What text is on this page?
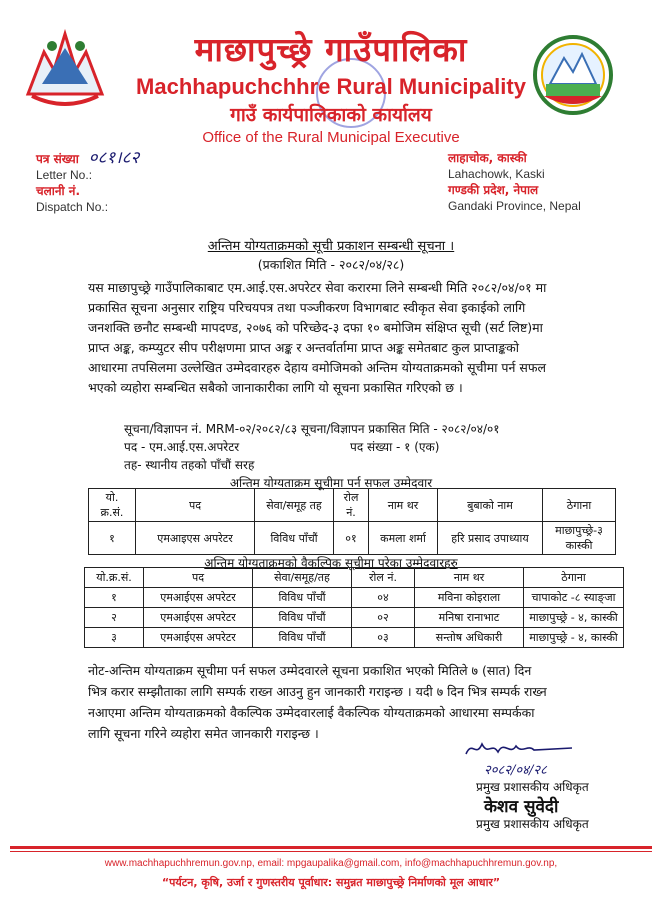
माछापुच्छ्रे गाउँपालिका
Machhapuchchhre Rural Municipality
गाउँ कार्यपालिकाको कार्यालय
Office of the Rural Municipal Executive
पत्र संख्या ०८१।८२
Letter No.:
चलानी नं.
Dispatch No.:
लाहाचोक, कास्की
Lahachowk, Kaski
गण्डकी प्रदेश, नेपाल
Gandaki Province, Nepal
अन्तिम योग्यताक्रमको सूची प्रकाशन सम्बन्धी सूचना ।
(प्रकाशित मिति - २०८२/०४/२८)
यस माछापुच्छ्रे गाउँपालिकाबाट एम.आई.एस.अपरेटर सेवा करारमा लिने सम्बन्धी मिति २०८२/०४/०१ मा
प्रकासित सूचना अनुसार राष्ट्रिय परिचयपत्र तथा पञ्जीकरण विभागबाट स्वीकृत सेवा इकाईको लागि
जनशक्ति छनौट सम्बन्धी मापदण्ड, २०७६ को परिच्छेद-३ दफा १० बमोजिम संक्षिप्त सूची (सर्ट लिष्ट)मा
प्राप्त अङ्क, कम्प्युटर सीप परीक्षणमा प्राप्त अङ्क र अन्तर्वार्तामा प्राप्त अङ्क समेतबाट कुल प्राप्ताङ्कको
आधारमा तपसिलमा उल्लेखित उम्मेदवारहरु देहाय वमोजिमको अन्तिम योग्यताक्रमको सूचीमा पर्न सफल
भएको व्यहोरा सम्बन्धित सबैको जानाकारीका लागि यो सूचना प्रकासित गरिएको छ ।
सूचना/विज्ञापन नं. MRM-०२/२०८२/८३ सूचना/विज्ञापन प्रकासित मिति - २०८२/०४/०१
पद - एम.आई.एस.अपरेटर	पद संख्या - १ (एक)
तह- स्थानीय तहको पाँचौं सरह
अन्तिम योग्यताक्रम सूचीमा पर्न सफल उम्मेदवार
यो. क्र.सं.	पद	सेवा/समूह तह	रोल नं.	नाम थर	बुबाको नाम	ठेगाना
१	एमआइएस अपरेटर	विविध पाँचौं	०१	कमला शर्मा	हरि प्रसाद उपाध्याय	माछापुच्छ्रे-३ कास्की
अन्तिम योग्यताक्रमको वैकल्पिक सूचीमा परेका उम्मेदवारहरु
यो.क्र.सं.	पद	सेवा/समूह/तह	रोल नं.	नाम थर	ठेगाना
१	एमआईएस अपरेटर	विविध पाँचौं	०४	मविना कोइराला	चापाकोट -८ स्याङ्जा
२	एमआईएस अपरेटर	विविध पाँचौं	०२	मनिषा रानाभाट	माछापुच्छ्रे - ४, कास्की
३	एमआईएस अपरेटर	विविध पाँचौं	०३	सन्तोष अधिकारी	माछापुच्छ्रे - ४, कास्की
नोट-अन्तिम योग्यताक्रम सूचीमा पर्न सफल उम्मेदवारले सूचना प्रकाशित भएको मितिले ७ (सात) दिन
भित्र करार सम्झौताका लागि सम्पर्क राख्न आउनु हुन जानकारी गराइन्छ । यदी ७ दिन भित्र सम्पर्क राख्न
नआएमा अन्तिम योग्यताक्रमको वैकल्पिक उम्मेदवारलाई वैकल्पिक योग्यताक्रमको आधारमा सम्पर्कका
लागि सूचना गरिने व्यहोरा समेत जानकारी गराइन्छ ।
२०८२/०४/२८
प्रमुख प्रशासकीय अधिकृत
केशव सुवेदी
प्रमुख प्रशासकीय अधिकृत
www.machhapuchhremun.gov.np, email: mpgaupalika@gmail.com, info@machhapuchhremun.gov.np,
“पर्यटन, कृषि, उर्जा र गुणस्तरीय पूर्वाधार: समुन्नत माछापुच्छ्रे निर्माणको मूल आधार”
